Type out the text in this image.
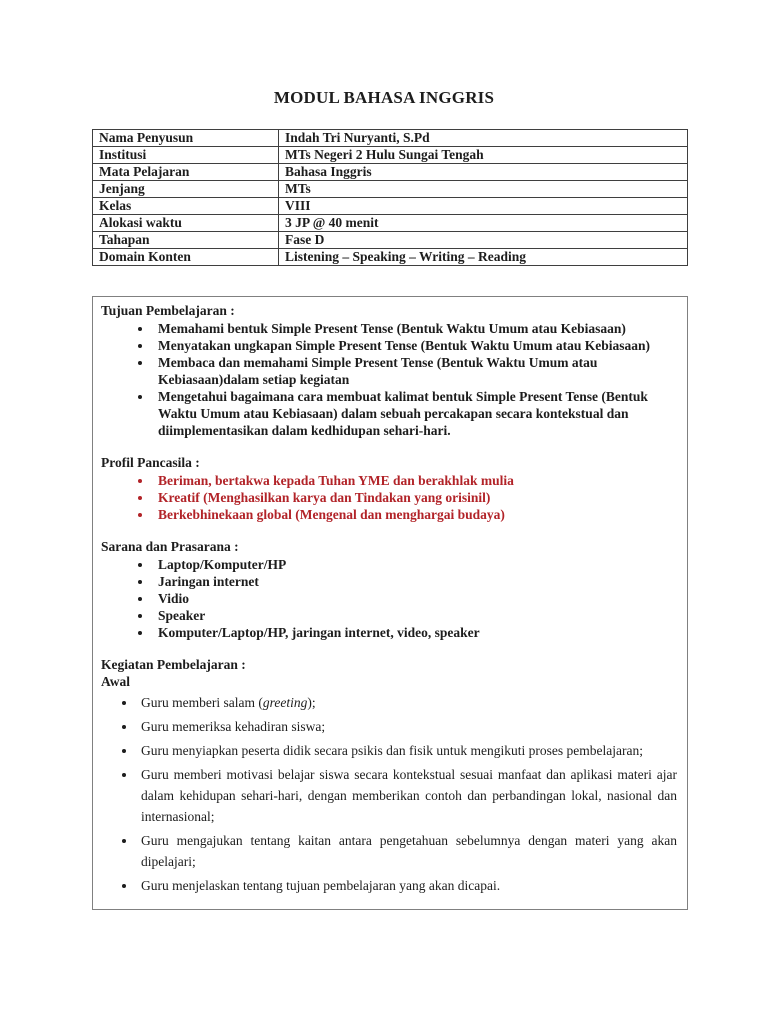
MODUL BAHASA INGGRIS
Nama Penyusun	Indah Tri Nuryanti, S.Pd
Institusi	MTs Negeri 2 Hulu Sungai Tengah
Mata Pelajaran	Bahasa Inggris
Jenjang	MTs
Kelas	VIII
Alokasi waktu	3 JP @ 40 menit
Tahapan	Fase D
Domain Konten	Listening – Speaking – Writing – Reading
Tujuan Pembelajaran :
• Memahami bentuk Simple Present Tense (Bentuk Waktu Umum atau Kebiasaan)
• Menyatakan ungkapan Simple Present Tense (Bentuk Waktu Umum atau Kebiasaan)
• Membaca dan memahami Simple Present Tense (Bentuk Waktu Umum atau Kebiasaan)dalam setiap kegiatan
• Mengetahui bagaimana cara membuat kalimat bentuk Simple Present Tense (Bentuk Waktu Umum atau Kebiasaan) dalam sebuah percakapan secara kontekstual dan diimplementasikan dalam kedhidupan sehari-hari.
Profil Pancasila :
• Beriman, bertakwa kepada Tuhan YME dan berakhlak mulia
• Kreatif (Menghasilkan karya dan Tindakan yang orisinil)
• Berkebhinekaan global (Mengenal dan menghargai budaya)
Sarana dan Prasarana :
• Laptop/Komputer/HP
• Jaringan internet
• Vidio
• Speaker
• Komputer/Laptop/HP, jaringan internet, video, speaker
Kegiatan Pembelajaran :
Awal
• Guru memberi salam (greeting);
• Guru memeriksa kehadiran siswa;
• Guru menyiapkan peserta didik secara psikis dan fisik untuk mengikuti proses pembelajaran;
• Guru memberi motivasi belajar siswa secara kontekstual sesuai manfaat dan aplikasi materi ajar dalam kehidupan sehari-hari, dengan memberikan contoh dan perbandingan lokal, nasional dan internasional;
• Guru mengajukan tentang kaitan antara pengetahuan sebelumnya dengan materi yang akan dipelajari;
• Guru menjelaskan tentang tujuan pembelajaran yang akan dicapai.
